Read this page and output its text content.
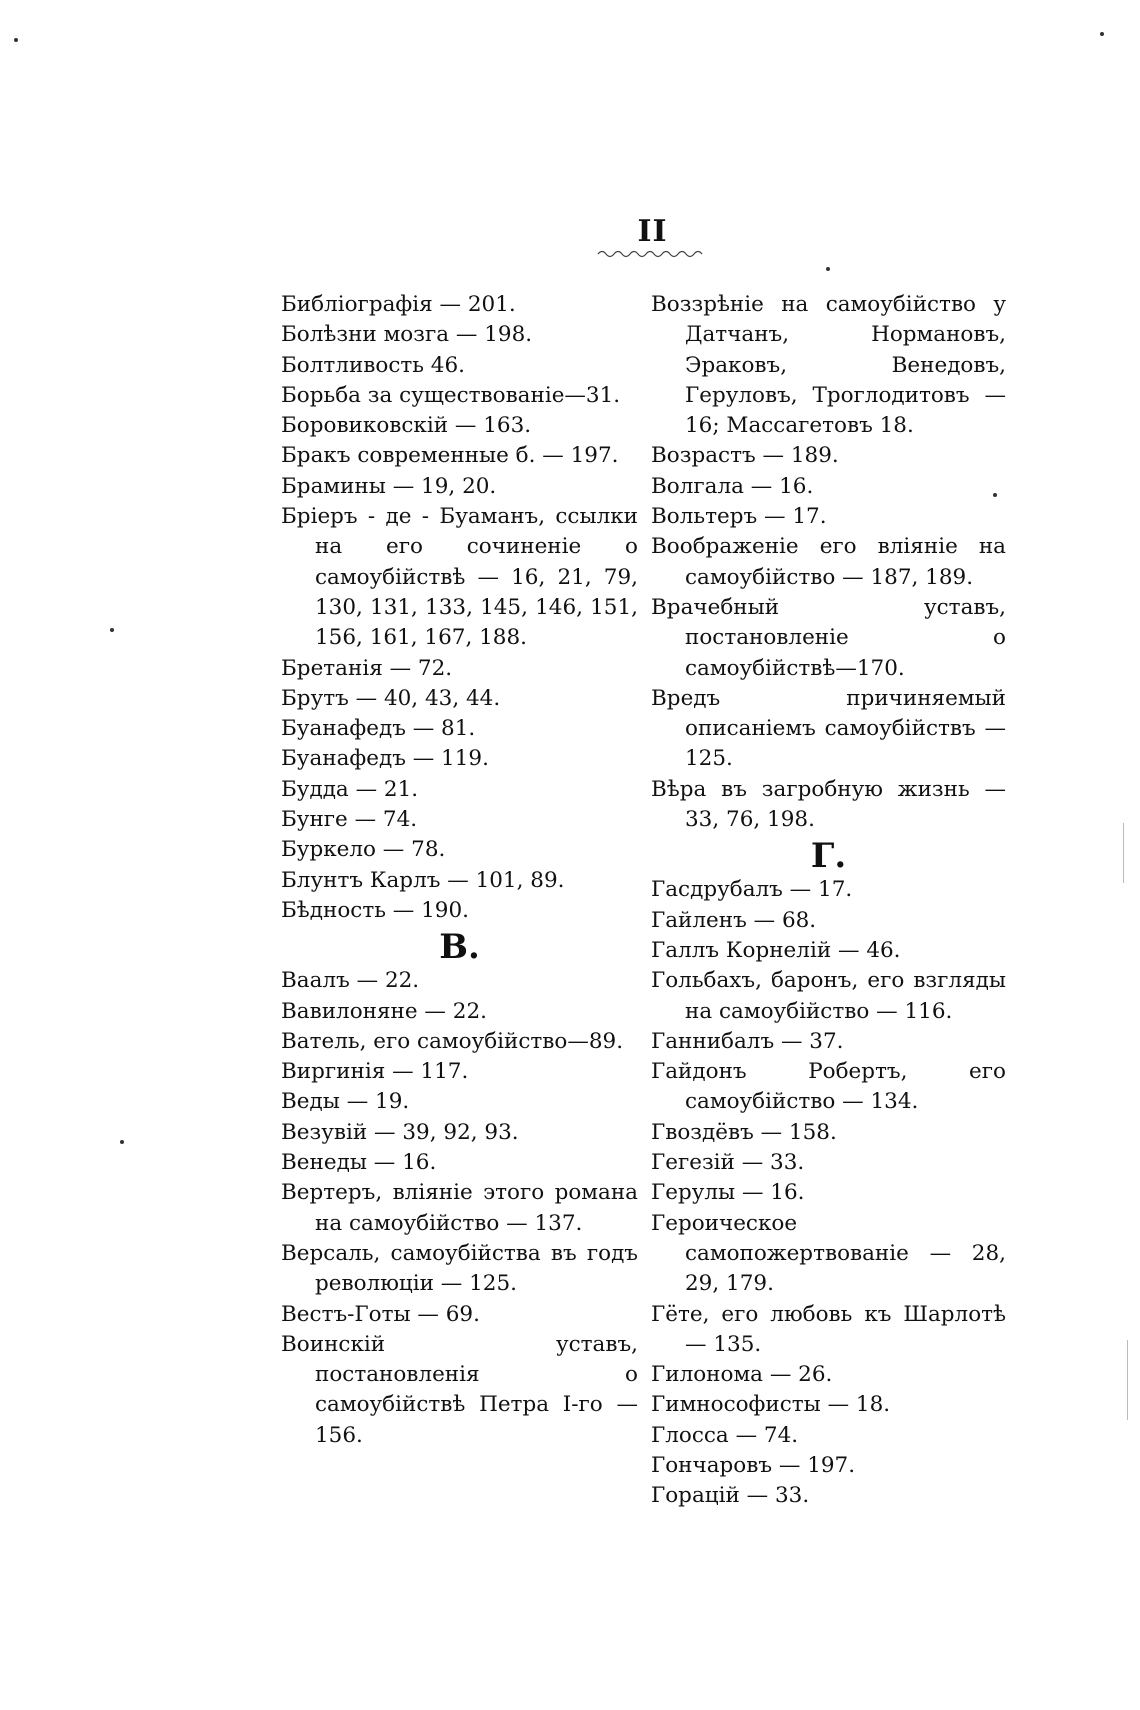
II
Библіографія — 201.
Болѣзни мозга — 198.
Болтливость 46.
Борьба за существованіе—31.
Боровиковскій — 163.
Бракъ современные б. — 197.
Брамины — 19, 20.
Бріеръ - де - Буаманъ, ссылки на его сочиненіе о самоубійствѣ — 16, 21, 79, 130, 131, 133, 145, 146, 151, 156, 161, 167, 188.
Бретанія — 72.
Брутъ — 40, 43, 44.
Буанафедъ — 81.
Буанафедъ — 119.
Будда — 21.
Бунге — 74.
Буркело — 78.
Блунтъ Карлъ — 101, 89.
Бѣдность — 190.
В.
Ваалъ — 22.
Вавилоняне — 22.
Ватель, его самоубійство—89.
Виргинія — 117.
Веды — 19.
Везувій — 39, 92, 93.
Венеды — 16.
Вертеръ, вліяніе этого романа на самоубійство — 137.
Версаль, самоубійства въ годъ революціи — 125.
Вестъ-Готы — 69.
Воинскій уставъ, постановленія о самоубійствѣ Петра І-го — 156.
Воззрѣніе на самоубійство у Датчанъ, Нормановъ, Эраковъ, Венедовъ, Геруловъ, Троглодитовъ — 16; Массагетовъ 18.
Возрастъ — 189.
Волгала — 16.
Вольтеръ — 17.
Воображеніе его вліяніе на самоубійство — 187, 189.
Врачебный уставъ, постановленіе о самоубійствѣ—170.
Вредъ причиняемый описаніемъ самоубійствъ — 125.
Вѣра въ загробную жизнь — 33, 76, 198.
Г.
Гасдрубалъ — 17.
Гайленъ — 68.
Галлъ Корнелій — 46.
Гольбахъ, баронъ, его взгляды на самоубійство — 116.
Ганнибалъ — 37.
Гайдонъ Робертъ, его самоубійство — 134.
Гвоздёвъ — 158.
Гегезій — 33.
Герулы — 16.
Героическое самопожертвованіе — 28, 29, 179.
Гёте, его любовь къ Шарлотѣ — 135.
Гилонома — 26.
Гимнософисты — 18.
Глосса — 74.
Гончаровъ — 197.
Горацій — 33.
